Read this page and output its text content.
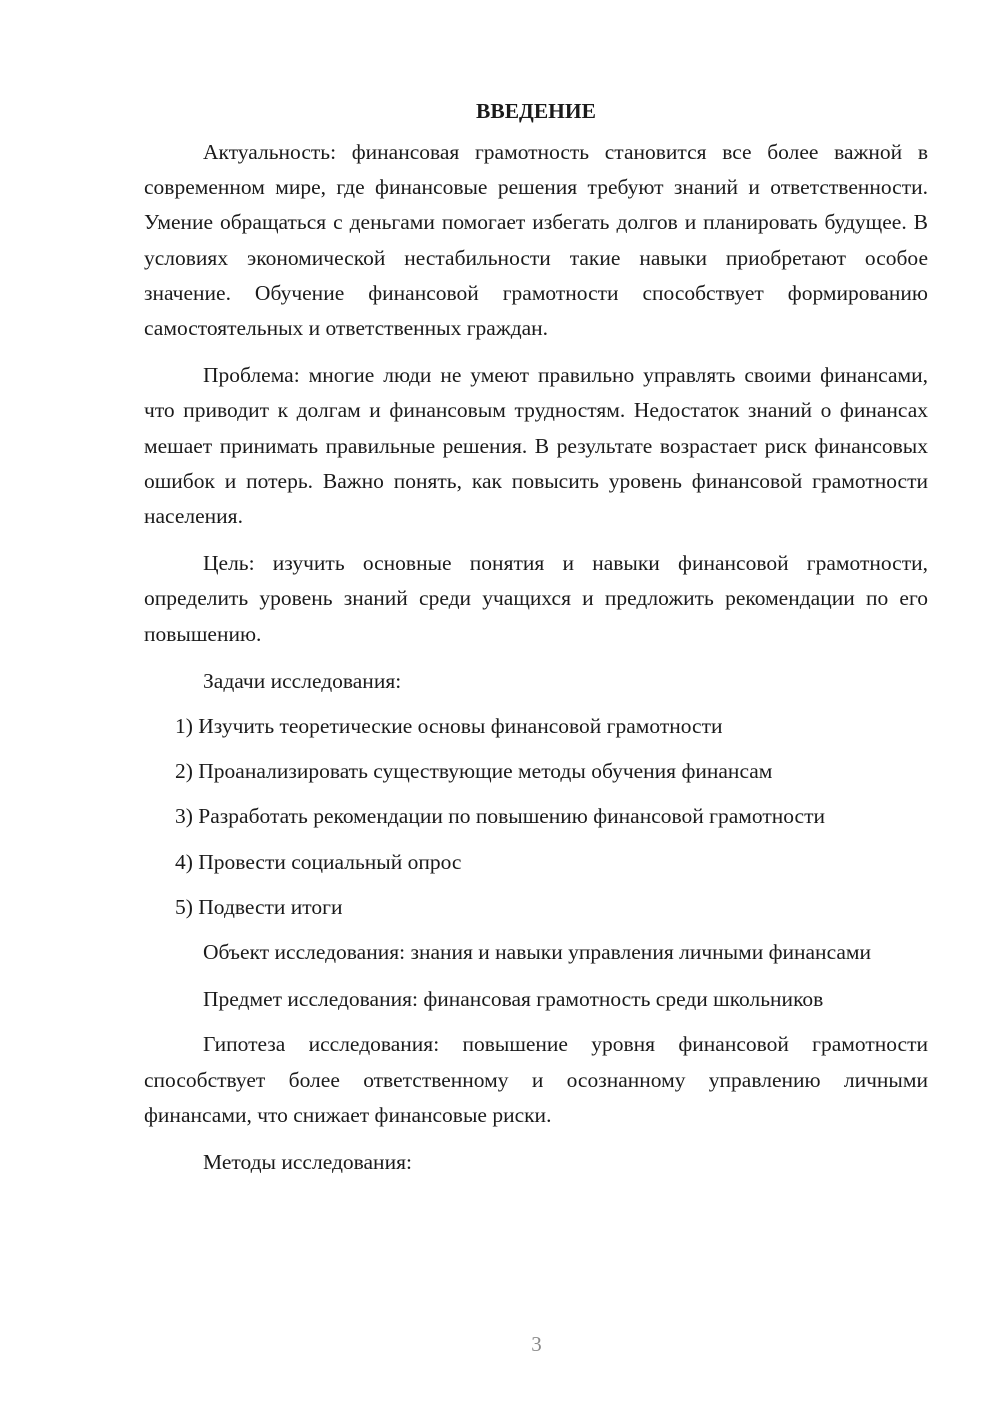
ВВЕДЕНИЕ

Актуальность: финансовая грамотность становится все более важной в современном мире, где финансовые решения требуют знаний и ответственности. Умение обращаться с деньгами помогает избегать долгов и планировать будущее. В условиях экономической нестабильности такие навыки приобретают особое значение. Обучение финансовой грамотности способствует формированию самостоятельных и ответственных граждан.

Проблема: многие люди не умеют правильно управлять своими финансами, что приводит к долгам и финансовым трудностям. Недостаток знаний о финансах мешает принимать правильные решения. В результате возрастает риск финансовых ошибок и потерь. Важно понять, как повысить уровень финансовой грамотности населения.

Цель: изучить основные понятия и навыки финансовой грамотности, определить уровень знаний среди учащихся и предложить рекомендации по его повышению.

Задачи исследования:

1) Изучить теоретические основы финансовой грамотности

2) Проанализировать существующие методы обучения финансам

3) Разработать рекомендации по повышению финансовой грамотности

4) Провести социальный опрос

5) Подвести итоги

Объект исследования: знания и навыки управления личными финансами

Предмет исследования: финансовая грамотность среди школьников

Гипотеза исследования: повышение уровня финансовой грамотности способствует более ответственному и осознанному управлению личными финансами, что снижает финансовые риски.

Методы исследования:

3
